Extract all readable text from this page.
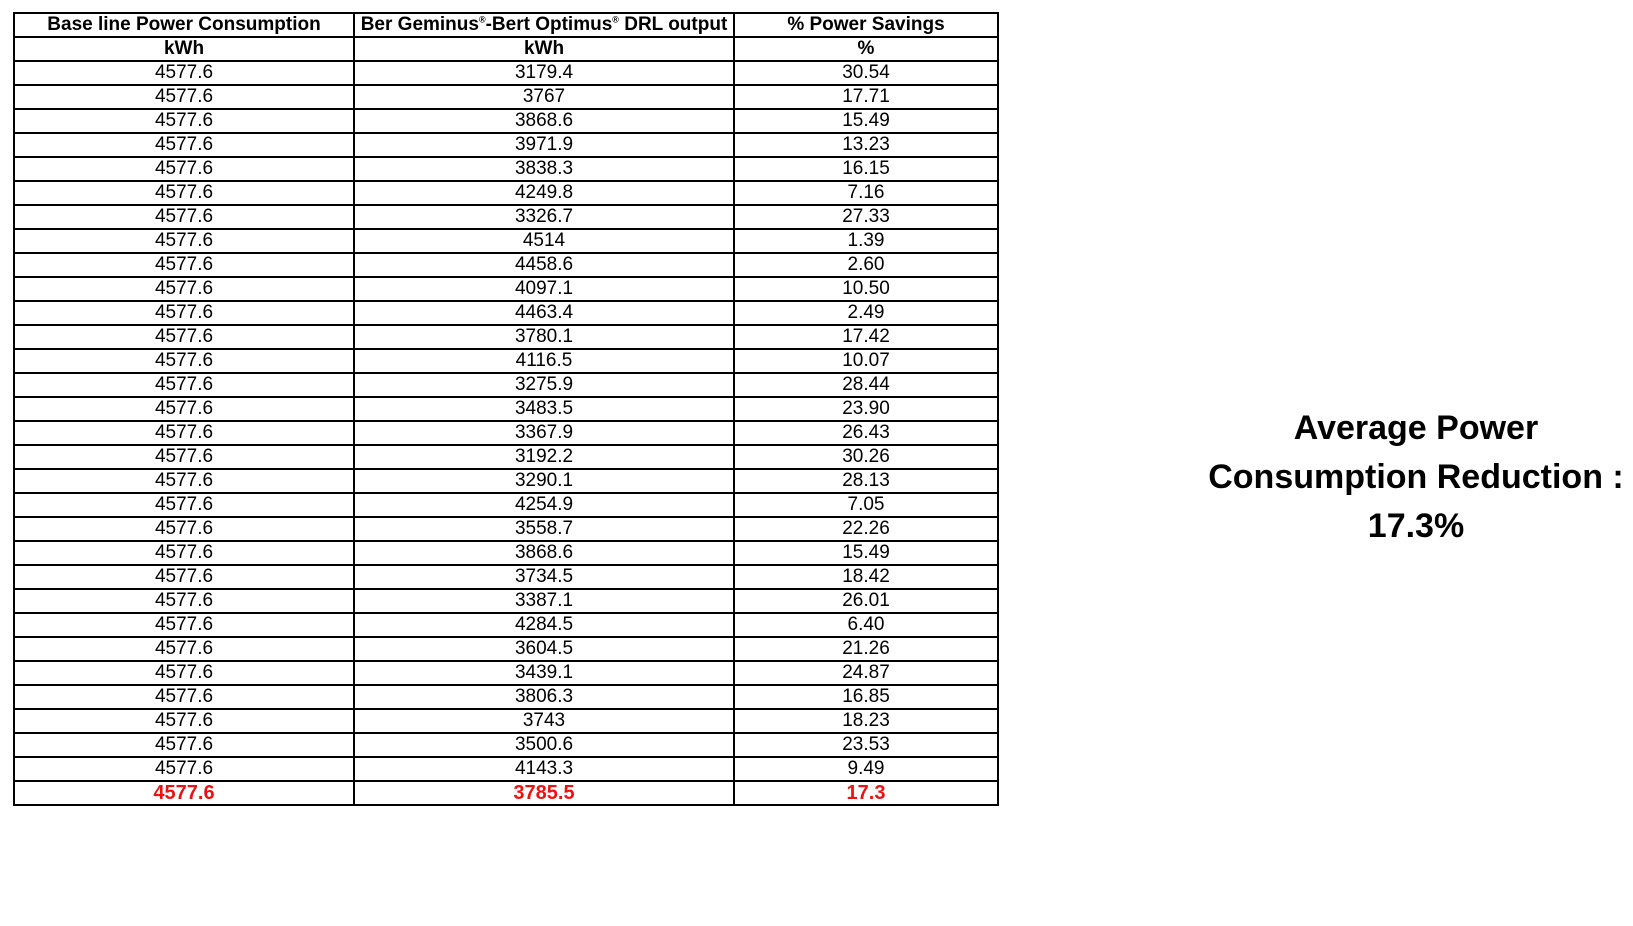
Base line Power Consumption	Ber Geminus®-Bert Optimus® DRL output	% Power Savings
kWh	kWh	%
4577.6	3179.4	30.54
4577.6	3767	17.71
4577.6	3868.6	15.49
4577.6	3971.9	13.23
4577.6	3838.3	16.15
4577.6	4249.8	7.16
4577.6	3326.7	27.33
4577.6	4514	1.39
4577.6	4458.6	2.60
4577.6	4097.1	10.50
4577.6	4463.4	2.49
4577.6	3780.1	17.42
4577.6	4116.5	10.07
4577.6	3275.9	28.44
4577.6	3483.5	23.90
4577.6	3367.9	26.43
4577.6	3192.2	30.26
4577.6	3290.1	28.13
4577.6	4254.9	7.05
4577.6	3558.7	22.26
4577.6	3868.6	15.49
4577.6	3734.5	18.42
4577.6	3387.1	26.01
4577.6	4284.5	6.40
4577.6	3604.5	21.26
4577.6	3439.1	24.87
4577.6	3806.3	16.85
4577.6	3743	18.23
4577.6	3500.6	23.53
4577.6	4143.3	9.49
4577.6	3785.5	17.3
Average Power
Consumption Reduction :
17.3%
